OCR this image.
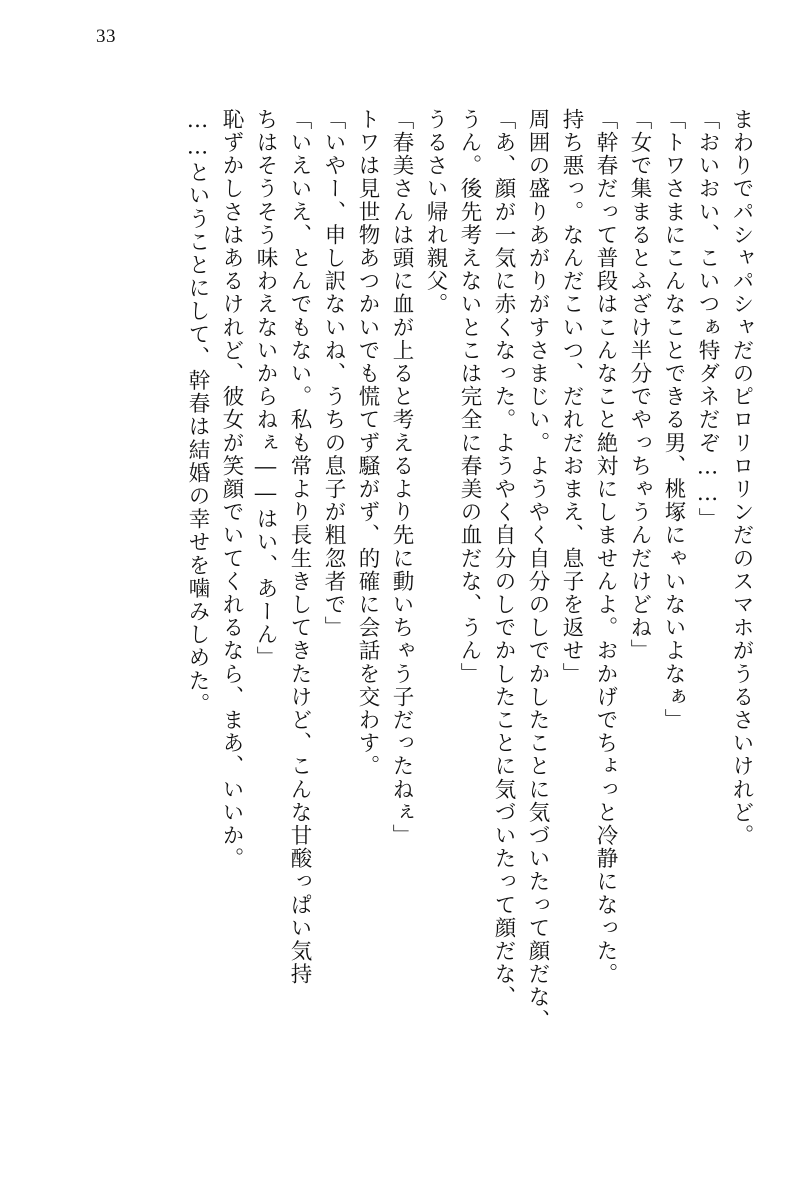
33
まわりでパシャパシャだのピロリロリンだのスマホがうるさいけれど。
「おいおい、こいつぁ特ダネだぞ……」
「トワさまにこんなことできる男、桃塚にゃいないよなぁ」
「女で集まるとふざけ半分でやっちゃうんだけどね」
「幹春だって普段はこんなこと絶対にしませんよ。おかげでちょっと冷静になった。
持ち悪っ。なんだこいつ、だれだおまえ、息子を返せ」
周囲の盛りあがりがすさまじい。ようやく自分のしでかしたことに気づいたって顔だな、
「あ、顔が一気に赤くなった。ようやく自分のしでかしたことに気づいたって顔だな、
うん。後先考えないとこは完全に春美の血だな、うん」
うるさい帰れ親父。
「春美さんは頭に血が上ると考えるより先に動いちゃう子だったねぇ」
トワは見世物あつかいでも慌てず騒がず、的確に会話を交わす。
「いやー、申し訳ないね、うちの息子が粗忽者で」
「いえいえ、とんでもない。私も常より長生きしてきたけど、こんな甘酸っぱい気持
ちはそうそう味わえないからねぇ――はい、あーん」
恥ずかしさはあるけれど、彼女が笑顔でいてくれるなら、まあ、いいか。
……ということにして、幹春は結婚の幸せを噛みしめた。
